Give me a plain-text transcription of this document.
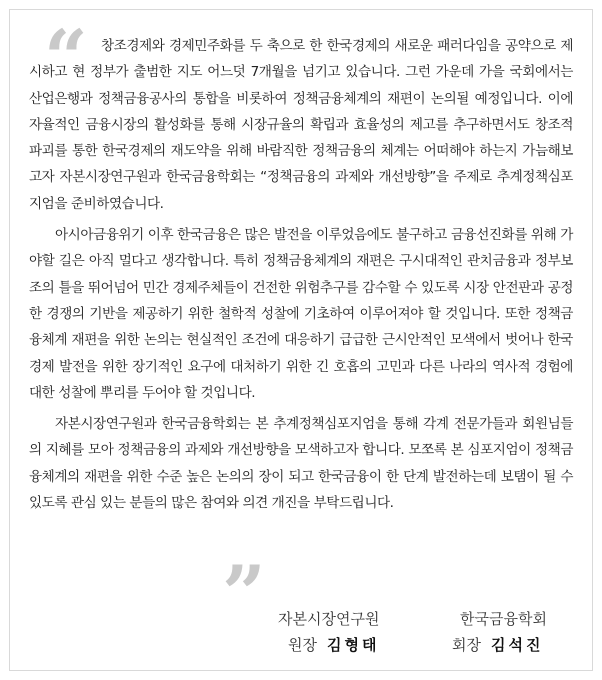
“	창조경제와 경제민주화를 두 축으로 한 한국경제의 새로운 패러다임을 공약으로 제시하고 현 정부가 출범한 지도 어느덧 7개월을 넘기고 있습니다. 그런 가운데 가을 국회에서는 산업은행과 정책금융공사의 통합을 비롯하여 정책금융체계의 재편이 논의될 예정입니다. 이에 자율적인 금융시장의 활성화를 통해 시장규율의 확립과 효율성의 제고를 추구하면서도 창조적 파괴를 통한 한국경제의 재도약을 위해 바람직한 정책금융의 체계는 어떠해야 하는지 가늠해보고자 자본시장연구원과 한국금융학회는 “정책금융의 과제와 개선방향”을 주제로 추계정책심포지엄을 준비하였습니다.

아시아금융위기 이후 한국금융은 많은 발전을 이루었음에도 불구하고 금융선진화를 위해 가야할 길은 아직 멀다고 생각합니다. 특히 정책금융체계의 재편은 구시대적인 관치금융과 정부보조의 틀을 뛰어넘어 민간 경제주체들이 건전한 위험추구를 감수할 수 있도록 시장 안전판과 공정한 경쟁의 기반을 제공하기 위한 철학적 성찰에 기초하여 이루어져야 할 것입니다. 또한 정책금융체계 재편을 위한 논의는 현실적인 조건에 대응하기 급급한 근시안적인 모색에서 벗어나 한국경제 발전을 위한 장기적인 요구에 대처하기 위한 긴 호흡의 고민과 다른 나라의 역사적 경험에 대한 성찰에 뿌리를 두어야 할 것입니다.

자본시장연구원과 한국금융학회는 본 추계정책심포지엄을 통해 각계 전문가들과 회원님들의 지혜를 모아 정책금융의 과제와 개선방향을 모색하고자 합니다. 모쪼록 본 심포지엄이 정책금융체계의 재편을 위한 수준 높은 논의의 장이 되고 한국금융이 한 단계 발전하는데 보탬이 될 수 있도록 관심 있는 분들의 많은 참여와 의견 개진을 부탁드립니다.

” 자본시장연구원
원장 김형태
한국금융학회
회장 김석진
